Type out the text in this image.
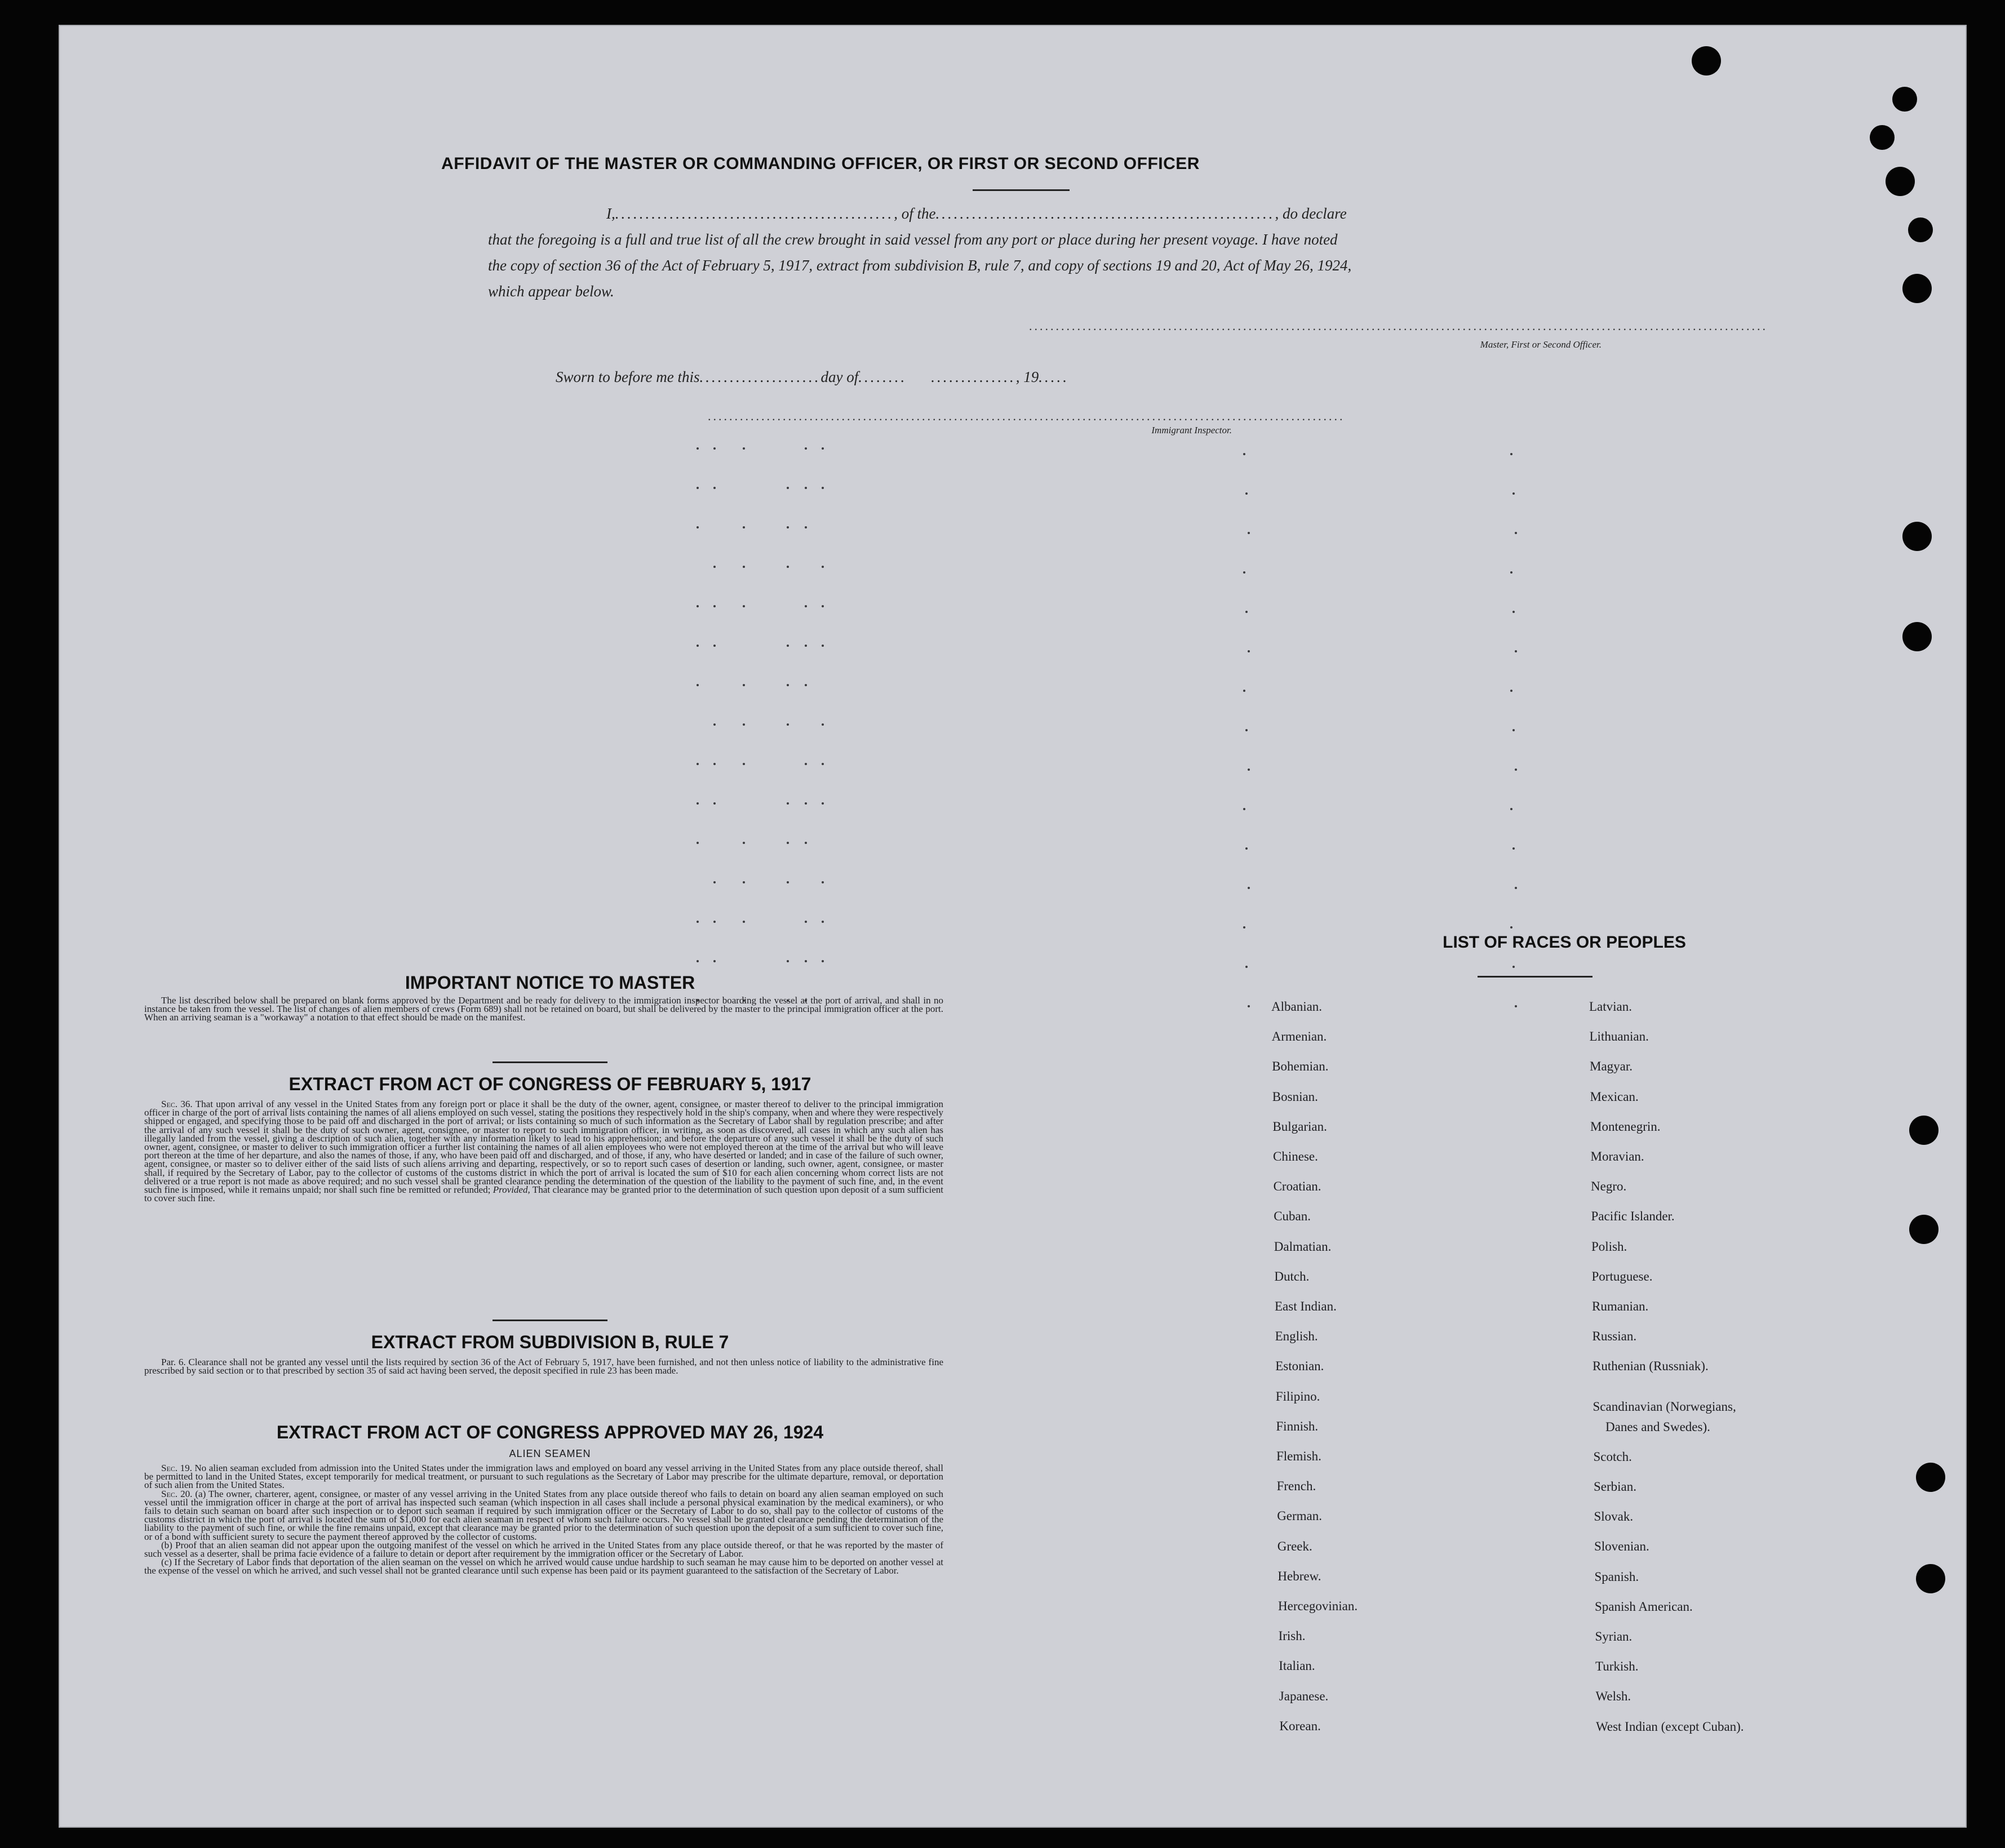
AFFIDAVIT OF THE MASTER OR COMMANDING OFFICER, OR FIRST OR SECOND OFFICER
I,.............................................., of the........................................................, do declare
that the foregoing is a full and true list of all the crew brought in said vessel from any port or place during her present voyage. I have noted
the copy of section 36 of the Act of February 5, 1917, extract from subdivision B, rule 7, and copy of sections 19 and 20, Act of May 26, 1924,
which appear below.
..........................................................................................................................................
Master, First or Second Officer.
Sworn to before me this....................day of........    .............., 19.....
.......................................................................................................................
Immigrant Inspector.
IMPORTANT NOTICE TO MASTER

The list described below shall be prepared on blank forms approved by the Department and be ready for delivery to the immigration inspector boarding the vessel at the port of arrival, and shall in no instance be taken from the vessel. The list of changes of alien members of crews (Form 689) shall not be retained on board, but shall be delivered by the master to the principal immigration officer at the port. When an arriving seaman is a "workaway" a notation to that effect should be made on the manifest.

EXTRACT FROM ACT OF CONGRESS OF FEBRUARY 5, 1917

Sec. 36. That upon arrival of any vessel in the United States from any foreign port or place it shall be the duty of the owner, agent, consignee, or master thereof to deliver to the principal immigration officer in charge of the port of arrival lists containing the names of all aliens employed on such vessel, stating the positions they respectively hold in the ship's company, when and where they were respectively shipped or engaged, and specifying those to be paid off and discharged in the port of arrival; or lists containing so much of such information as the Secretary of Labor shall by regulation prescribe; and after the arrival of any such vessel it shall be the duty of such owner, agent, consignee, or master to report to such immigration officer, in writing, as soon as discovered, all cases in which any such alien has illegally landed from the vessel, giving a description of such alien, together with any information likely to lead to his apprehension; and before the departure of any such vessel it shall be the duty of such owner, agent, consignee, or master to deliver to such immigration officer a further list containing the names of all alien employees who were not employed thereon at the time of the arrival but who will leave port thereon at the time of her departure, and also the names of those, if any, who have been paid off and discharged, and of those, if any, who have deserted or landed; and in case of the failure of such owner, agent, consignee, or master so to deliver either of the said lists of such aliens arriving and departing, respectively, or so to report such cases of desertion or landing, such owner, agent, consignee, or master shall, if required by the Secretary of Labor, pay to the collector of customs of the customs district in which the port of arrival is located the sum of $10 for each alien concerning whom correct lists are not delivered or a true report is not made as above required; and no such vessel shall be granted clearance pending the determination of the question of the liability to the payment of such fine, and, in the event such fine is imposed, while it remains unpaid; nor shall such fine be remitted or refunded; Provided, That clearance may be granted prior to the determination of such question upon deposit of a sum sufficient to cover such fine.

EXTRACT FROM SUBDIVISION B, RULE 7

Par. 6. Clearance shall not be granted any vessel until the lists required by section 36 of the Act of February 5, 1917, have been furnished, and not then unless notice of liability to the administrative fine prescribed by said section or to that prescribed by section 35 of said act having been served, the deposit specified in rule 23 has been made.

EXTRACT FROM ACT OF CONGRESS APPROVED MAY 26, 1924
ALIEN SEAMEN

Sec. 19. No alien seaman excluded from admission into the United States under the immigration laws and employed on board any vessel arriving in the United States from any place outside thereof, shall be permitted to land in the United States, except temporarily for medical treatment, or pursuant to such regulations as the Secretary of Labor may prescribe for the ultimate departure, removal, or deportation of such alien from the United States.

Sec. 20. (a) The owner, charterer, agent, consignee, or master of any vessel arriving in the United States from any place outside thereof who fails to detain on board any alien seaman employed on such vessel until the immigration officer in charge at the port of arrival has inspected such seaman (which inspection in all cases shall include a personal physical examination by the medical examiners), or who fails to detain such seaman on board after such inspection or to deport such seaman if required by such immigration officer or the Secretary of Labor to do so, shall pay to the collector of customs of the customs district in which the port of arrival is located the sum of $1,000 for each alien seaman in respect of whom such failure occurs. No vessel shall be granted clearance pending the determination of the liability to the payment of such fine, or while the fine remains unpaid, except that clearance may be granted prior to the determination of such question upon the deposit of a sum sufficient to cover such fine, or of a bond with sufficient surety to secure the payment thereof approved by the collector of customs.

(b) Proof that an alien seaman did not appear upon the outgoing manifest of the vessel on which he arrived in the United States from any place outside thereof, or that he was reported by the master of such vessel as a deserter, shall be prima facie evidence of a failure to detain or deport after requirement by the immigration officer or the Secretary of Labor.

(c) If the Secretary of Labor finds that deportation of the alien seaman on the vessel on which he arrived would cause undue hardship to such seaman he may cause him to be deported on another vessel at the expense of the vessel on which he arrived, and such vessel shall not be granted clearance until such expense has been paid or its payment guaranteed to the satisfaction of the Secretary of Labor.

LIST OF RACES OR PEOPLES
Albanian.
Armenian.
Bohemian.
Bosnian.
Bulgarian.
Chinese.
Croatian.
Cuban.
Dalmatian.
Dutch.
East Indian.
English.
Estonian.
Filipino.
Finnish.
Flemish.
French.
German.
Greek.
Hebrew.
Hercegovinian.
Irish.
Italian.
Japanese.
Korean.
Latvian.
Lithuanian.
Magyar.
Mexican.
Montenegrin.
Moravian.
Negro.
Pacific Islander.
Polish.
Portuguese.
Rumanian.
Russian.
Ruthenian (Russniak).
Scandinavian (Norwegians,
Danes and Swedes).
Scotch.
Serbian.
Slovak.
Slovenian.
Spanish.
Spanish American.
Syrian.
Turkish.
Welsh.
West Indian (except Cuban).
